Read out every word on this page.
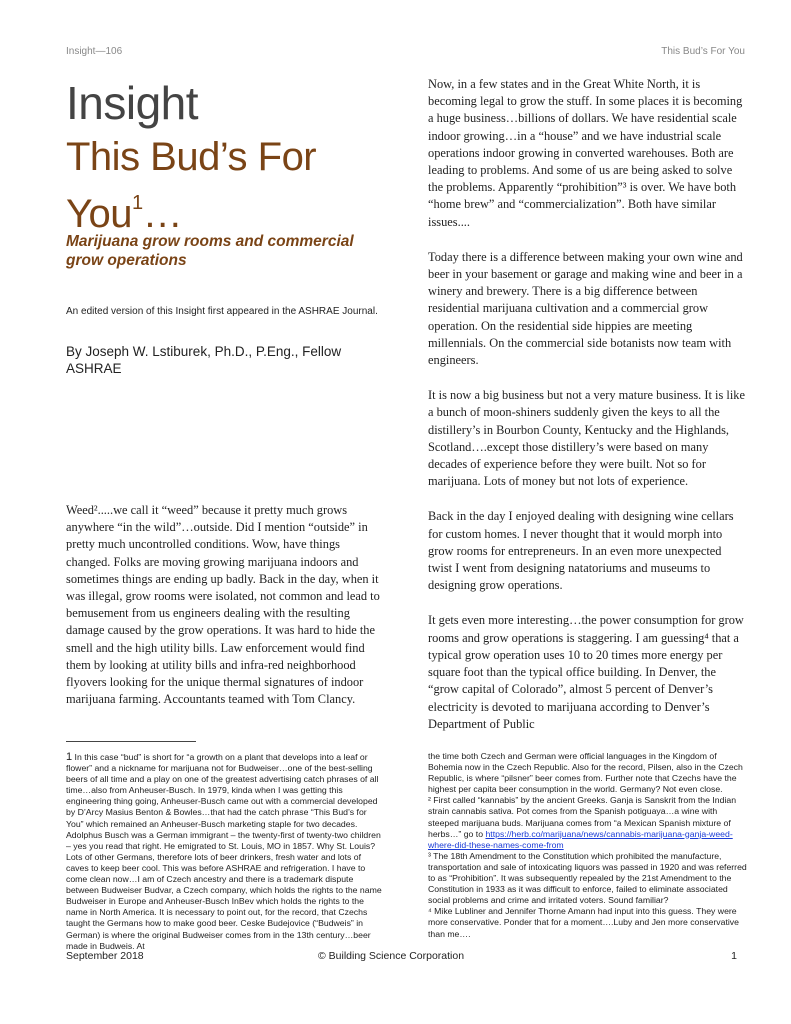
Insight—106	This Bud’s For You
Insight
This Bud’s For You$^1$…
Marijuana grow rooms and commercial grow operations
An edited version of this Insight first appeared in the ASHRAE Journal.
By Joseph W. Lstiburek, Ph.D., P.Eng., Fellow ASHRAE

Weed².....we call it “weed” because it pretty much grows anywhere “in the wild”…outside. Did I mention “outside” in pretty much uncontrolled conditions. Wow, have things changed. Folks are moving growing marijuana indoors and sometimes things are ending up badly. Back in the day, when it was illegal, grow rooms were isolated, not common and lead to bemusement from us engineers dealing with the resulting damage caused by the grow operations. It was hard to hide the smell and the high utility bills. Law enforcement would find them by looking at utility bills and infra-red neighborhood flyovers looking for the unique thermal signatures of indoor marijuana farming. Accountants teamed with Tom Clancy.

Now, in a few states and in the Great White North, it is becoming legal to grow the stuff. In some places it is becoming a huge business…billions of dollars. We have residential scale indoor growing…in a “house” and we have industrial scale operations indoor growing in converted warehouses. Both are leading to problems. And some of us are being asked to solve the problems. Apparently “prohibition”³ is over. We have both “home brew” and “commercialization”. Both have similar issues....

Today there is a difference between making your own wine and beer in your basement or garage and making wine and beer in a winery and brewery. There is a big difference between residential marijuana cultivation and a commercial grow operation. On the residential side hippies are meeting millennials. On the commercial side botanists now team with engineers.

It is now a big business but not a very mature business. It is like a bunch of moon-shiners suddenly given the keys to all the distillery’s in Bourbon County, Kentucky and the Highlands, Scotland….except those distillery’s were based on many decades of experience before they were built. Not so for marijuana. Lots of money but not lots of experience.

Back in the day I enjoyed dealing with designing wine cellars for custom homes. I never thought that it would morph into grow rooms for entrepreneurs. In an even more unexpected twist I went from designing natatoriums and museums to designing grow operations.

It gets even more interesting…the power consumption for grow rooms and grow operations is staggering. I am guessing⁴ that a typical grow operation uses 10 to 20 times more energy per square foot than the typical office building. In Denver, the “grow capital of Colorado”, almost 5 percent of Denver’s electricity is devoted to marijuana according to Denver’s Department of Public

1 In this case “bud” is short for “a growth on a plant that develops into a leaf or flower” and a nickname for marijuana not for Budweiser…one of the best-selling beers of all time and a play on one of the greatest advertising catch phrases of all time…also from Anheuser-Busch. In 1979, kinda when I was getting this engineering thing going, Anheuser-Busch came out with a commercial developed by D’Arcy Masius Benton & Bowles…that had the catch phrase “This Bud’s for You” which remained an Anheuser-Busch marketing staple for two decades. Adolphus Busch was a German immigrant – the twenty-first of twenty-two children – yes you read that right. He emigrated to St. Louis, MO in 1857. Why St. Louis? Lots of other Germans, therefore lots of beer drinkers, fresh water and lots of caves to keep beer cool. This was before ASHRAE and refrigeration. I have to come clean now…I am of Czech ancestry and there is a trademark dispute between Budweiser Budvar, a Czech company, which holds the rights to the name Budweiser in Europe and Anheuser-Busch InBev which holds the rights to the name in North America. It is necessary to point out, for the record, that Czechs taught the Germans how to make good beer. Ceske Budejovice (“Budweis” in German) is where the original Budweiser comes from in the 13th century…beer made in Budweis. At
the time both Czech and German were official languages in the Kingdom of Bohemia now in the Czech Republic. Also for the record, Pilsen, also in the Czech Republic, is where “pilsner” beer comes from. Further note that Czechs have the highest per capita beer consumption in the world. Germany? Not even close.
² First called “kannabis” by the ancient Greeks. Ganja is Sanskrit from the Indian strain cannabis sativa. Pot comes from the Spanish potiguaya…a wine with steeped marijuana buds. Marijuana comes from “a Mexican Spanish mixture of herbs…” go to https://herb.co/marijuana/news/cannabis-marijuana-ganja-weed-where-did-these-names-come-from
³ The 18th Amendment to the Constitution which prohibited the manufacture, transportation and sale of intoxicating liquors was passed in 1920 and was referred to as “Prohibition”. It was subsequently repealed by the 21st Amendment to the Constitution in 1933 as it was difficult to enforce, failed to eliminate associated social problems and crime and irritated voters. Sound familiar?
⁴ Mike Lubliner and Jennifer Thorne Amann had input into this guess. They were more conservative. Ponder that for a moment….Luby and Jen more conservative than me….
September 2018	© Building Science Corporation	1
